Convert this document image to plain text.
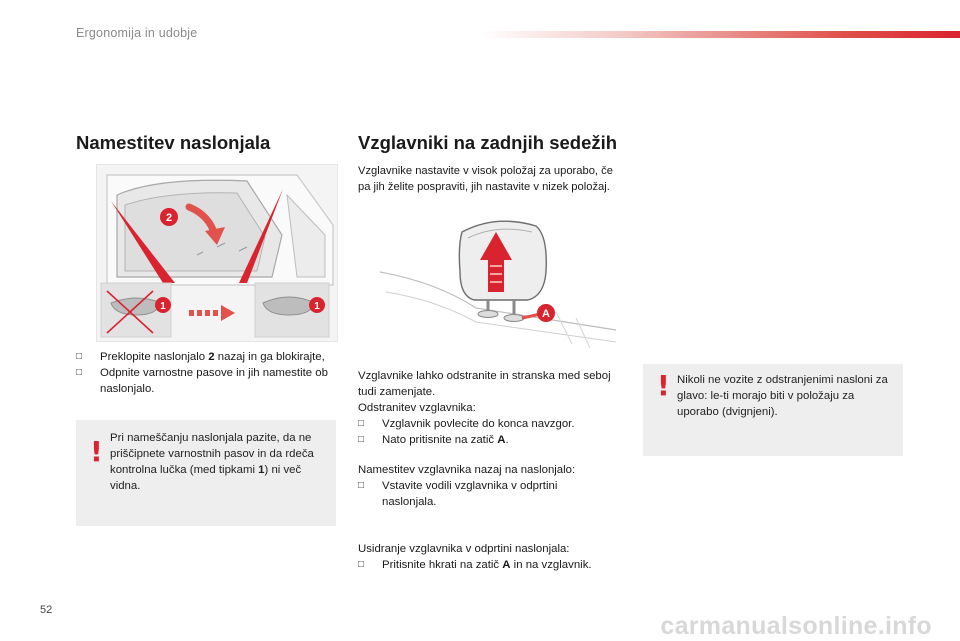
Ergonomija in udobje
Namestitev naslonjala
2
1	1
□ Preklopite naslonjalo 2 nazaj in ga blokirajte,
□ Odpnite varnostne pasove in jih namestite ob naslonjalo.
! Pri nameščanju naslonjala pazite, da ne priščipnete varnostnih pasov in da rdeča kontrolna lučka (med tipkami 1) ni več vidna.

Vzglavniki na zadnjih sedežih

Vzglavnike nastavite v visok položaj za uporabo, če pa jih želite pospraviti, jih nastavite v nizek položaj.

A

Vzglavnike lahko odstranite in stranska med seboj tudi zamenjate.

Odstranitev vzglavnika:

□ Vzglavnik povlecite do konca navzgor.
□ Nato pritisnite na zatič A.

Namestitev vzglavnika nazaj na naslonjalo:

□ Vstavite vodili vzglavnika v odprtini naslonjala.

Usidranje vzglavnika v odprtini naslonjala:

□ Pritisnite hkrati na zatič A in na vzglavnik.
! Nikoli ne vozite z odstranjenimi nasloni za glavo: le-ti morajo biti v položaju za uporabo (dvignjeni).

52
carmanualsonline.info
